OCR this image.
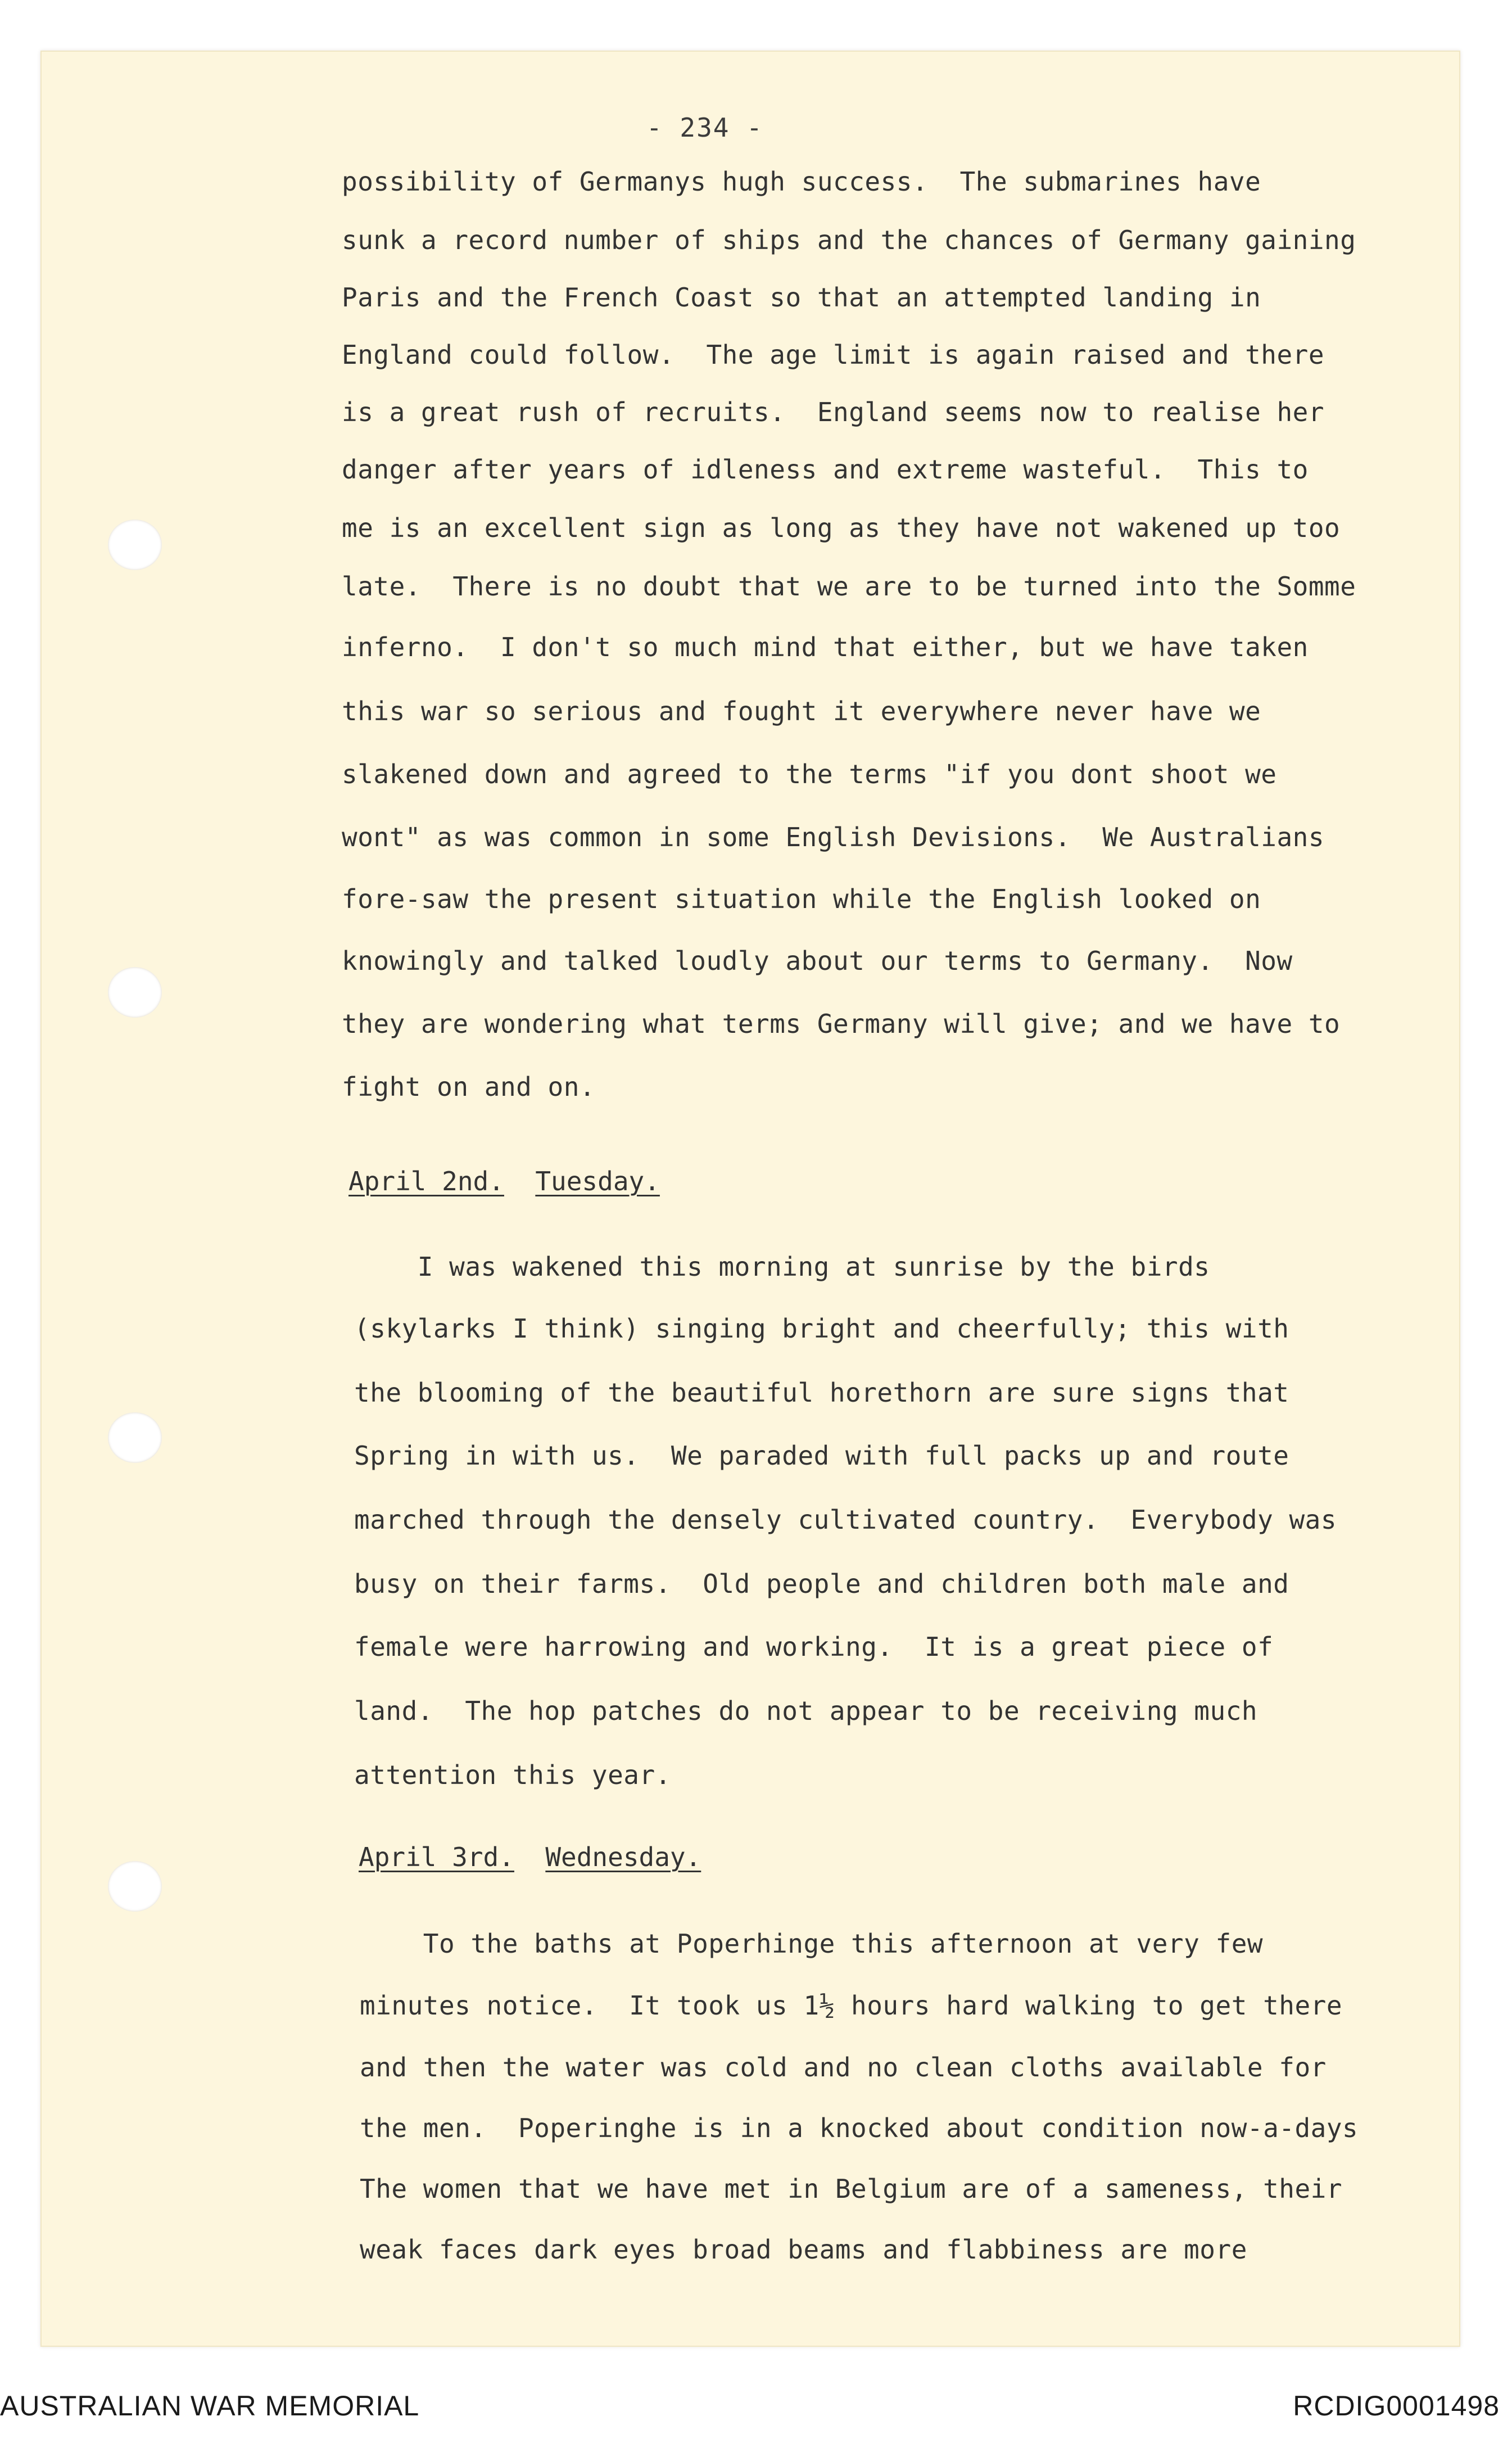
- 234 -

possibility of Germanys hugh success.  The submarines have

sunk a record number of ships and the chances of Germany gaining

Paris and the French Coast so that an attempted landing in

England could follow.  The age limit is again raised and there

is a great rush of recruits.  England seems now to realise her

danger after years of idleness and extreme wasteful.  This to

me is an excellent sign as long as they have not wakened up too

late.  There is no doubt that we are to be turned into the Somme

inferno.  I don't so much mind that either, but we have taken

this war so serious and fought it everywhere never have we

slakened down and agreed to the terms "if you dont shoot we

wont" as was common in some English Devisions.  We Australians

fore-saw the present situation while the English looked on

knowingly and talked loudly about our terms to Germany.  Now

they are wondering what terms Germany will give; and we have to

fight on and on.

April 2nd. Tuesday.

I was wakened this morning at sunrise by the birds

(skylarks I think) singing bright and cheerfully; this with

the blooming of the beautiful horethorn are sure signs that

Spring in with us.  We paraded with full packs up and route

marched through the densely cultivated country.  Everybody was

busy on their farms.  Old people and children both male and

female were harrowing and working.  It is a great piece of

land.  The hop patches do not appear to be receiving much

attention this year.

April 3rd. Wednesday.

To the baths at Poperhinge this afternoon at very few

minutes notice.  It took us 1½ hours hard walking to get there

and then the water was cold and no clean cloths available for

the men.  Poperinghe is in a knocked about condition now-a-days

The women that we have met in Belgium are of a sameness, their

weak faces dark eyes broad beams and flabbiness are more

AUSTRALIAN WAR MEMORIAL	RCDIG0001498
